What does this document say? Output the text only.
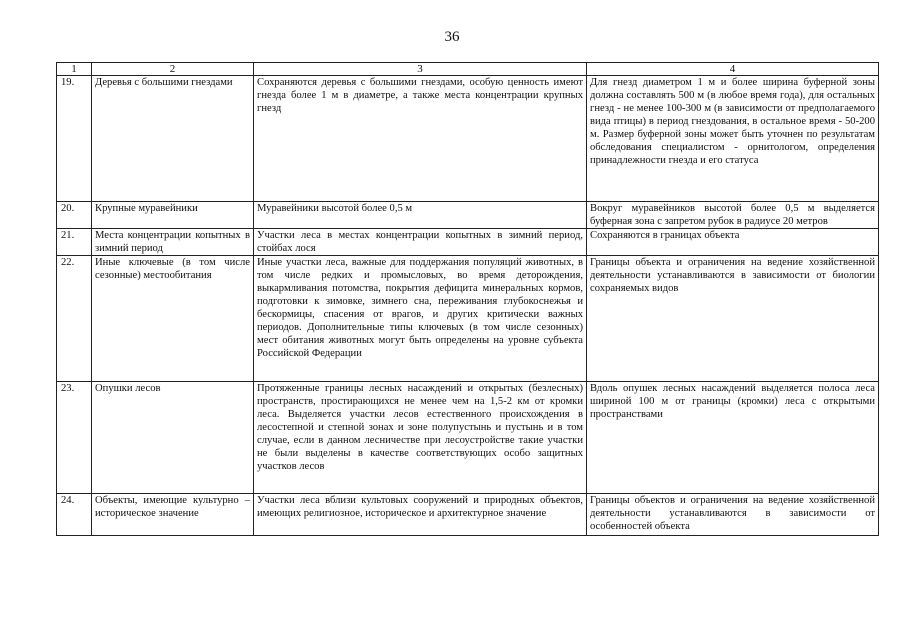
36
1	2	3	4
19.	Деревья с большими гнездами	Сохраняются деревья с большими гнездами, особую ценность имеют гнезда более 1 м в диаметре, а также места концентрации крупных гнезд	Для гнезд диаметром 1 м и более ширина буферной зоны должна составлять 500 м (в любое время года), для остальных гнезд - не менее 100-300 м (в зависимости от предполагаемого вида птицы) в период гнездования, в остальное время - 50-200 м. Размер буферной зоны может быть уточнен по результатам обследования специалистом - орнитологом, определения принадлежности гнезда и его статуса
20.	Крупные муравейники	Муравейники высотой более 0,5 м	Вокруг муравейников высотой более 0,5 м выделяется буферная зона с запретом рубок в радиусе 20 метров
21.	Места концентрации копытных в зимний период	Участки леса в местах концентрации копытных в зимний период, стойбах лося	Сохраняются в границах объекта
22.	Иные ключевые (в том числе сезонные) местообитания	Иные участки леса, важные для поддержания популяций животных, в том числе редких и промысловых, во время деторождения, выкармливания потомства, покрытия дефицита минеральных кормов, подготовки к зимовке, зимнего сна, переживания глубокоснежья и бескормицы, спасения от врагов, и других критически важных периодов. Дополнительные типы ключевых (в том числе сезонных) мест обитания животных могут быть определены на уровне субъекта Российской Федерации	Границы объекта и ограничения на ведение хозяйственной деятельности устанавливаются в зависимости от биологии сохраняемых видов
23.	Опушки лесов	Протяженные границы лесных насаждений и открытых (безлесных) пространств, простирающихся не менее чем на 1,5-2 км от кромки леса. Выделяется участки лесов естественного происхождения в лесостепной и степной зонах и зоне полупустынь и пустынь и в том случае, если в данном лесничестве при лесоустройстве такие участки не были выделены в качестве соответствующих особо защитных участков лесов	Вдоль опушек лесных насаждений выделяется полоса леса шириной 100 м от границы (кромки) леса с открытыми пространствами
24.	Объекты, имеющие культурно – историческое значение	Участки леса вблизи культовых сооружений и природных объектов, имеющих религиозное, историческое и архитектурное значение	Границы объектов и ограничения на ведение хозяйственной деятельности устанавливаются в зависимости от особенностей объекта
